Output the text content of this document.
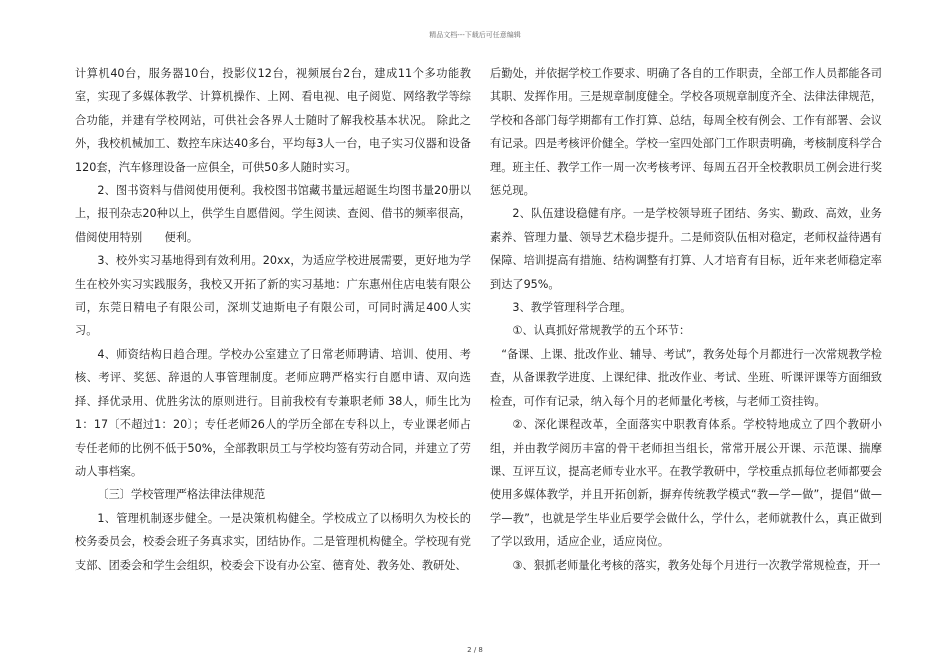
精品文档---下载后可任意编辑

计算机40台，服务器10台，投影仪12台，视频展台2台，建成11个多功能教室，实现了多媒体教学、计算机操作、上网、看电视、电子阅览、网络教学等综合功能，并建有学校网站，可供社会各界人士随时了解我校基本状况。 除此之外，我校机械加工、数控车床达40多台，平均每3人一台，电子实习仪器和设备120套，汽车修理设备一应俱全，可供50多人随时实习。

2、图书资料与借阅使用便利。我校图书馆藏书量远超诞生均图书量20册以上，报刊杂志20种以上，供学生自愿借阅。学生阅读、查阅、借书的频率很高，借阅使用特别　　便利。

3、校外实习基地得到有效利用。20xx，为适应学校进展需要，更好地为学生在校外实习实践服务，我校又开拓了新的实习基地：广东惠州住店电装有限公司，东莞日精电子有限公司，深圳艾迪斯电子有限公司，可同时满足400人实习。

4、师资结构日趋合理。学校办公室建立了日常老师聘请、培训、使用、考核、考评、奖惩、辞退的人事管理制度。老师应聘严格实行自愿申请、双向选择、择优录用、优胜劣汰的原则进行。目前我校有专兼职老师 38人，师生比为1：17〔不超过1：20〕；专任老师26人的学历全部在专科以上，专业课老师占专任老师的比例不低于50%，全部教职员工与学校均签有劳动合同，并建立了劳动人事档案。

〔三〕学校管理严格法律法律规范

1、管理机制逐步健全。一是决策机构健全。学校成立了以杨明久为校长的校务委员会，校委会班子务真求实，团结协作。二是管理机构健全。学校现有党支部、团委会和学生会组织，校委会下设有办公室、德育处、教务处、教研处、

后勤处，并依据学校工作要求、明确了各自的工作职责，全部工作人员都能各司其职、发挥作用。三是规章制度健全。学校各项规章制度齐全、法律法律规范，学校和各部门每学期都有工作打算、总结，每周全校有例会、工作有部署、会议有记录。四是考核评价健全。学校一室四处部门工作职责明确，考核制度科学合理。班主任、教学工作一周一次考核考评、每周五召开全校教职员工例会进行奖惩兑现。

2、队伍建设稳健有序。一是学校领导班子团结、务实、勤政、高效，业务素养、管理力量、领导艺术稳步提升。二是师资队伍相对稳定，老师权益待遇有保障、培训提高有措施、结构调整有打算、人才培育有目标，近年来老师稳定率到达了95%。

3、教学管理科学合理。

①、认真抓好常规教学的五个环节：

“备课、上课、批改作业、辅导、考试”，教务处每个月都进行一次常规教学检查，从备课教学进度、上课纪律、批改作业、考试、坐班、听课评课等方面细致检查，可作有记录，纳入每个月的老师量化考核，与老师工资挂钩。

②、深化课程改革，全面落实中职教育体系。学校特地成立了四个教研小组，并由教学阅历丰富的骨干老师担当组长，常常开展公开课、示范课、揣摩课、互评互议，提高老师专业水平。在教学教研中，学校重点抓每位老师都要会使用多媒体教学，并且开拓创新，摒弃传统教学模式“教—学—做”，提倡“做—学—教”，也就是学生毕业后要学会做什么，学什么，老师就教什么，真正做到了学以致用，适应企业，适应岗位。

③、狠抓老师量化考核的落实，教务处每个月进行一次教学常规检查，开一

2 / 8
